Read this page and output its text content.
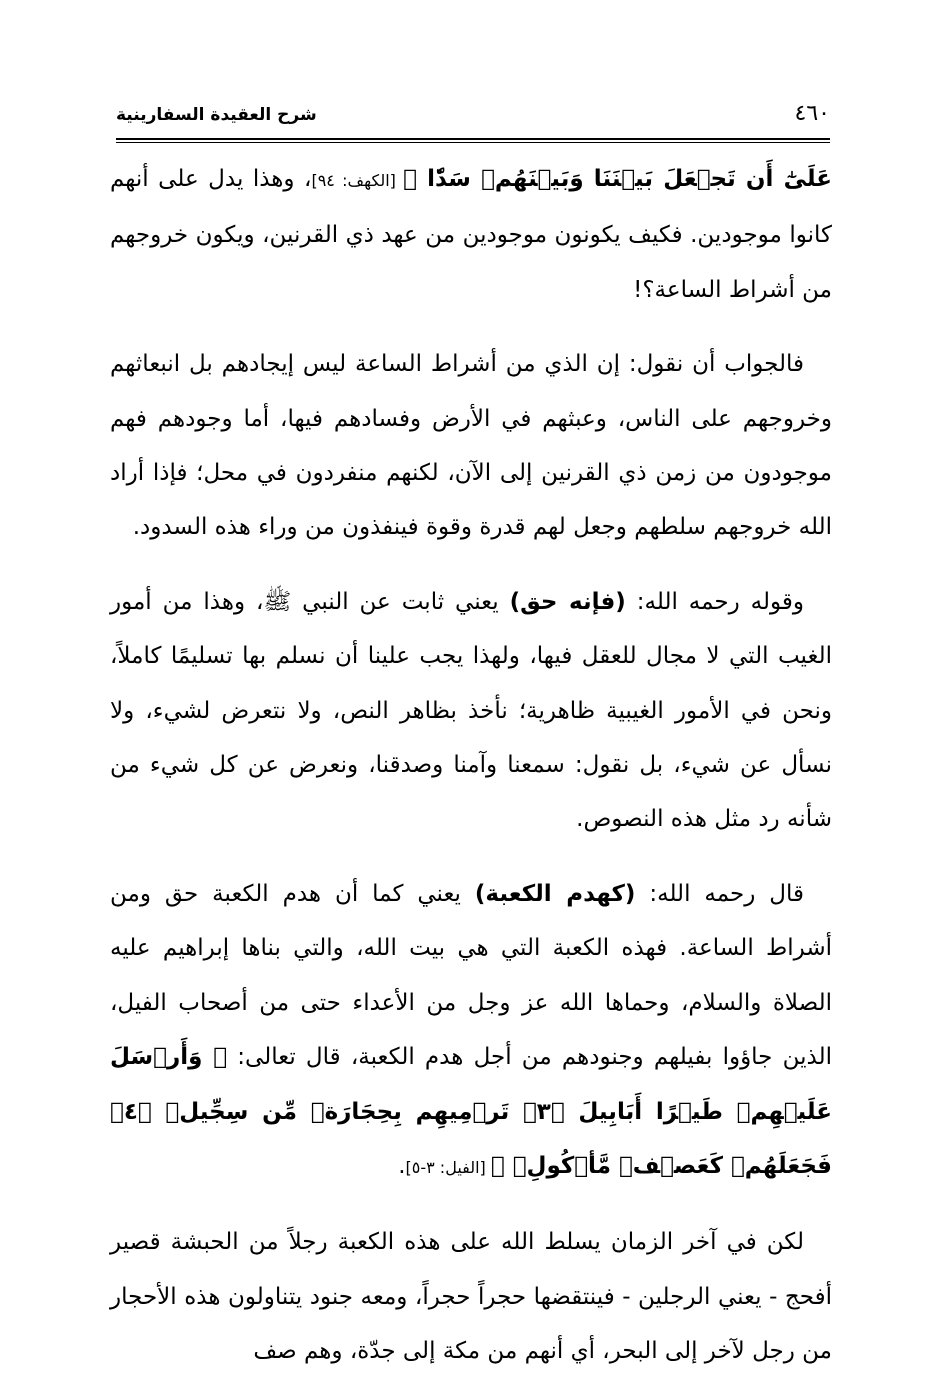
٤٦٠
شرح العقيدة السفارينية

عَلَىٰٓ أَن تَجۡعَلَ بَيۡنَنَا وَبَيۡنَهُمۡ سَدّٗا ﴾ [الكهف: ٩٤]، وهذا يدل على أنهم كانوا موجودين. فكيف يكونون موجودين من عهد ذي القرنين، ويكون خروجهم من أشراط الساعة؟!

فالجواب أن نقول: إن الذي من أشراط الساعة ليس إيجادهم بل انبعاثهم وخروجهم على الناس، وعبثهم في الأرض وفسادهم فيها، أما وجودهم فهم موجودون من زمن ذي القرنين إلى الآن، لكنهم منفردون في محل؛ فإذا أراد الله خروجهم سلطهم وجعل لهم قدرة وقوة فينفذون من وراء هذه السدود.

وقوله رحمه الله: (فإنه حق) يعني ثابت عن النبي ﷺ، وهذا من أمور الغيب التي لا مجال للعقل فيها، ولهذا يجب علينا أن نسلم بها تسليمًا كاملاً، ونحن في الأمور الغيبية ظاهرية؛ نأخذ بظاهر النص، ولا نتعرض لشيء، ولا نسأل عن شيء، بل نقول: سمعنا وآمنا وصدقنا، ونعرض عن كل شيء من شأنه رد مثل هذه النصوص.

قال رحمه الله: (كهدم الكعبة) يعني كما أن هدم الكعبة حق ومن أشراط الساعة. فهذه الكعبة التي هي بيت الله، والتي بناها إبراهيم عليه الصلاة والسلام، وحماها الله عز وجل من الأعداء حتى من أصحاب الفيل، الذين جاؤوا بفيلهم وجنودهم من أجل هدم الكعبة، قال تعالى: ﴿ وَأَرۡسَلَ عَلَيۡهِمۡ طَيۡرًا أَبَابِيلَ ﴿٣﴾ تَرۡمِيهِم بِحِجَارَةٖ مِّن سِجِّيلٖ ﴿٤﴾ فَجَعَلَهُمۡ كَعَصۡفٖ مَّأۡكُولِۭ ﴾ [الفيل: ٣-٥].

لكن في آخر الزمان يسلط الله على هذه الكعبة رجلاً من الحبشة قصير أفحج - يعني الرجلين - فينتقضها حجراً حجراً، ومعه جنود يتناولون هذه الأحجار من رجل لآخر إلى البحر، أي أنهم من مكة إلى جدّة، وهم صف
